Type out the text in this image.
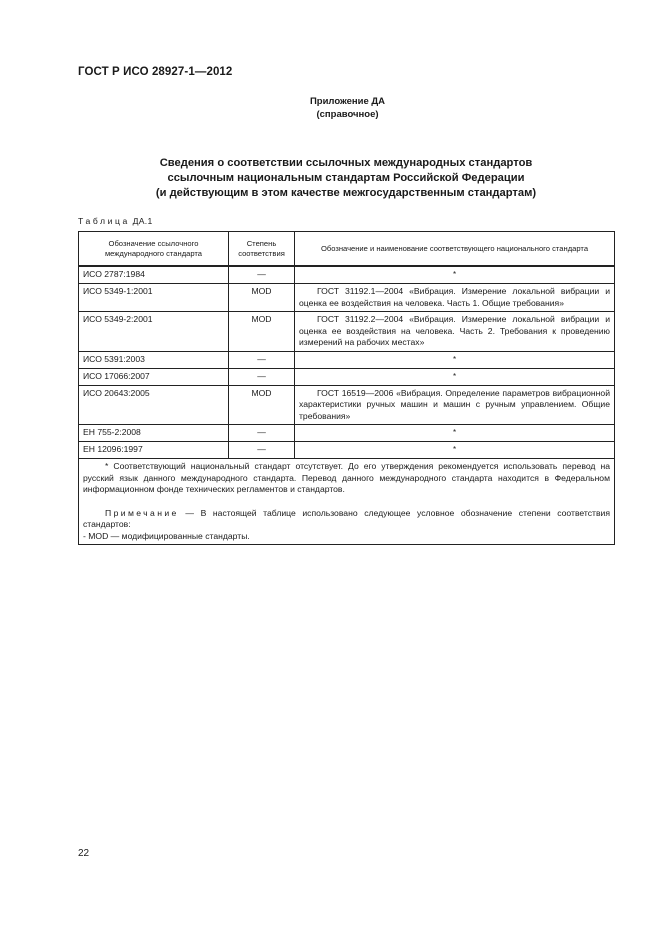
ГОСТ Р ИСО 28927-1—2012
Приложение ДА
(справочное)
Сведения о соответствии ссылочных международных стандартов
ссылочным национальным стандартам Российской Федерации
(и действующим в этом качестве межгосударственным стандартам)
Таблица ДА.1
Обозначение ссылочного международного стандарта	Степень соответствия	Обозначение и наименование соответствующего национального стандарта
ИСО 2787:1984	—	*
ИСО 5349-1:2001	MOD	ГОСТ 31192.1—2004 «Вибрация. Измерение локальной вибрации и оценка ее воздействия на человека. Часть 1. Общие требования»
ИСО 5349-2:2001	MOD	ГОСТ 31192.2—2004 «Вибрация. Измерение локальной вибрации и оценка ее воздействия на человека. Часть 2. Требования к проведению измерений на рабочих местах»
ИСО 5391:2003	—	*
ИСО 17066:2007	—	*
ИСО 20643:2005	MOD	ГОСТ 16519—2006 «Вибрация. Определение параметров вибрационной характеристики ручных машин и машин с ручным управлением. Общие требования»
ЕН 755-2:2008	—	*
ЕН 12096:1997	—	*

* Соответствующий национальный стандарт отсутствует. До его утверждения рекомендуется использовать перевод на русский язык данного международного стандарта. Перевод данного международного стандарта находится в Федеральном информационном фонде технических регламентов и стандартов.

Примечание — В настоящей таблице использовано следующее условное обозначение степени соответствия стандартов:

- MOD — модифицированные стандарты.		

22
